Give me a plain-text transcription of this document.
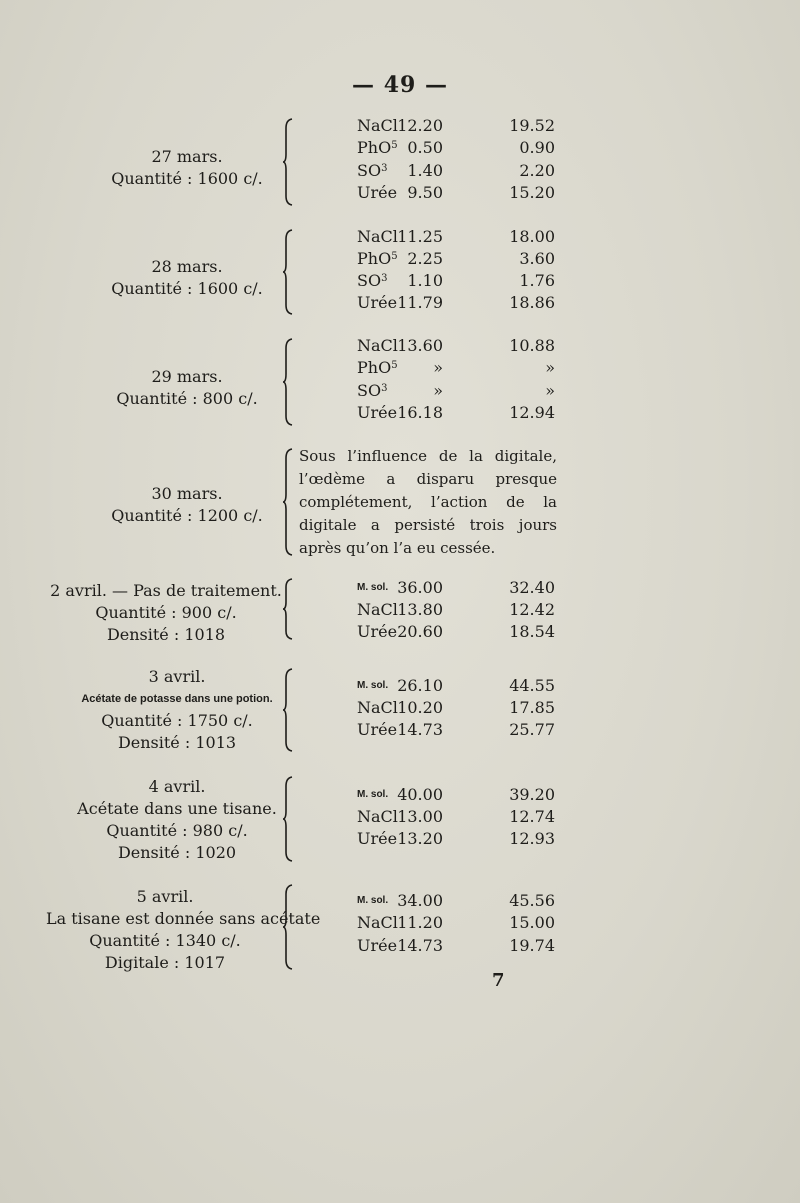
— 49 —
27 mars.
Quantité : 1600 c/.
NaCl 12.20	19.52
PhO$^5$ 0.50	0.90
$SO^3$	1.40	2.20
Urée 9.50	15.20
28 mars.
Quantité : 1600 c/.
NaCl 11.25	18.00
PhO$^5$ 2.25	3.60
$SO^3$	1.10	1.76
Urée 11.79	18.86
29 mars.
Quantité : 800 c/.
NaCl 13.60	10.88
PhO$^5$	»	»
$SO^3$	»	»
Urée 16.18	12.94
30 mars.
Quantité : 1200 c/.
Sous l’influence de la digitale, l’œdème a disparu presque complétement, l’action de la digitale a persisté trois jours après qu’on l’a eu cessée.
2 avril. — Pas de traitement.
Quantité : 900 c/.
Densité : 1018
M. sol. 36.00	32.40
NaCl 13.80	12.42
Urée 20.60	18.54
3 avril.
Acétate de potasse dans une potion.
Quantité : 1750 c/.
Densité : 1013
M. sol. 26.10	44.55
NaCl 10.20	17.85
Urée 14.73	25.77
4 avril.
Acétate dans une tisane.
Quantité : 980 c/.
Densité : 1020
M. sol. 40.00	39.20
NaCl 13.00	12.74
Urée 13.20	12.93
5 avril.
La tisane est donnée sans acétate
Quantité : 1340 c/.
Digitale : 1017
M. sol. 34.00	45.56
NaCl 11.20	15.00
Urée 14.73	19.74
7
